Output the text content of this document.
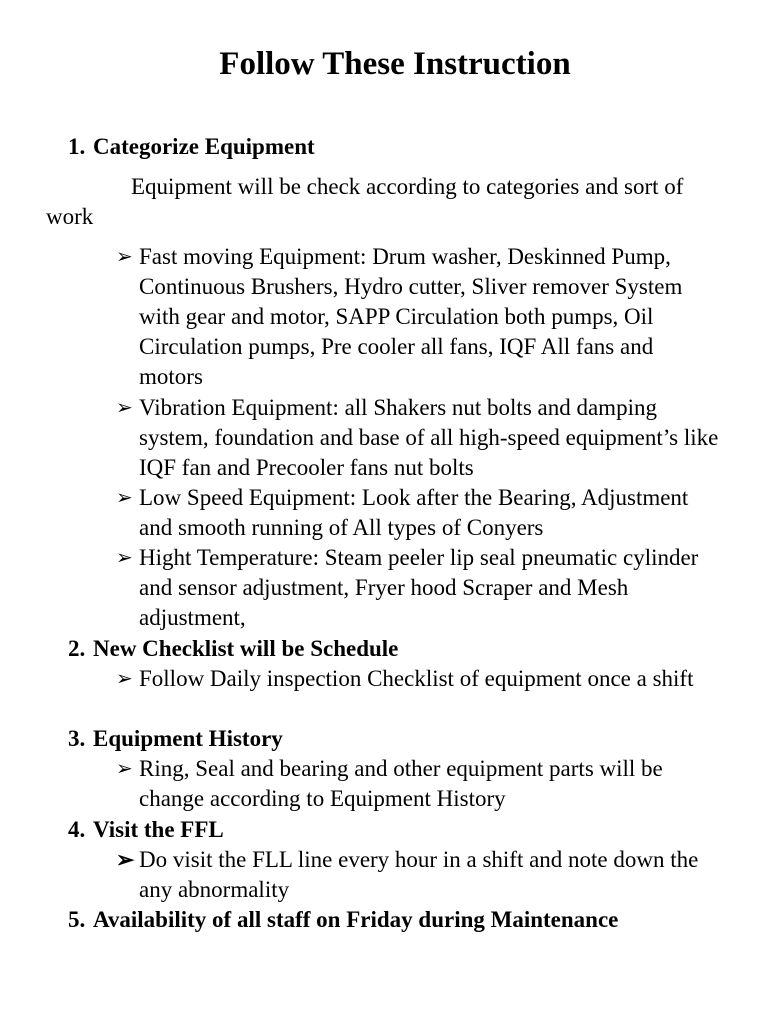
Follow These Instruction
1. Categorize Equipment

Equipment will be check according to categories and sort of work

➢ Fast moving Equipment: Drum washer, Deskinned Pump, Continuous Brushers, Hydro cutter, Sliver remover System with gear and motor, SAPP Circulation both pumps, Oil Circulation pumps, Pre cooler all fans, IQF All fans and motors
➢ Vibration Equipment: all Shakers nut bolts and damping system, foundation and base of all high-speed equipment’s like IQF fan and Precooler fans nut bolts
➢ Low Speed Equipment: Look after the Bearing, Adjustment and smooth running of All types of Conyers
➢ Hight Temperature: Steam peeler lip seal pneumatic cylinder and sensor adjustment, Fryer hood Scraper and Mesh adjustment,
2. New Checklist will be Schedule
➢ Follow Daily inspection Checklist of equipment once a shift
3. Equipment History
➢ Ring, Seal and bearing and other equipment parts will be change according to Equipment History
4. Visit the FFL
➢ Do visit the FLL line every hour in a shift and note down the any abnormality
5. Availability of all staff on Friday during Maintenance
